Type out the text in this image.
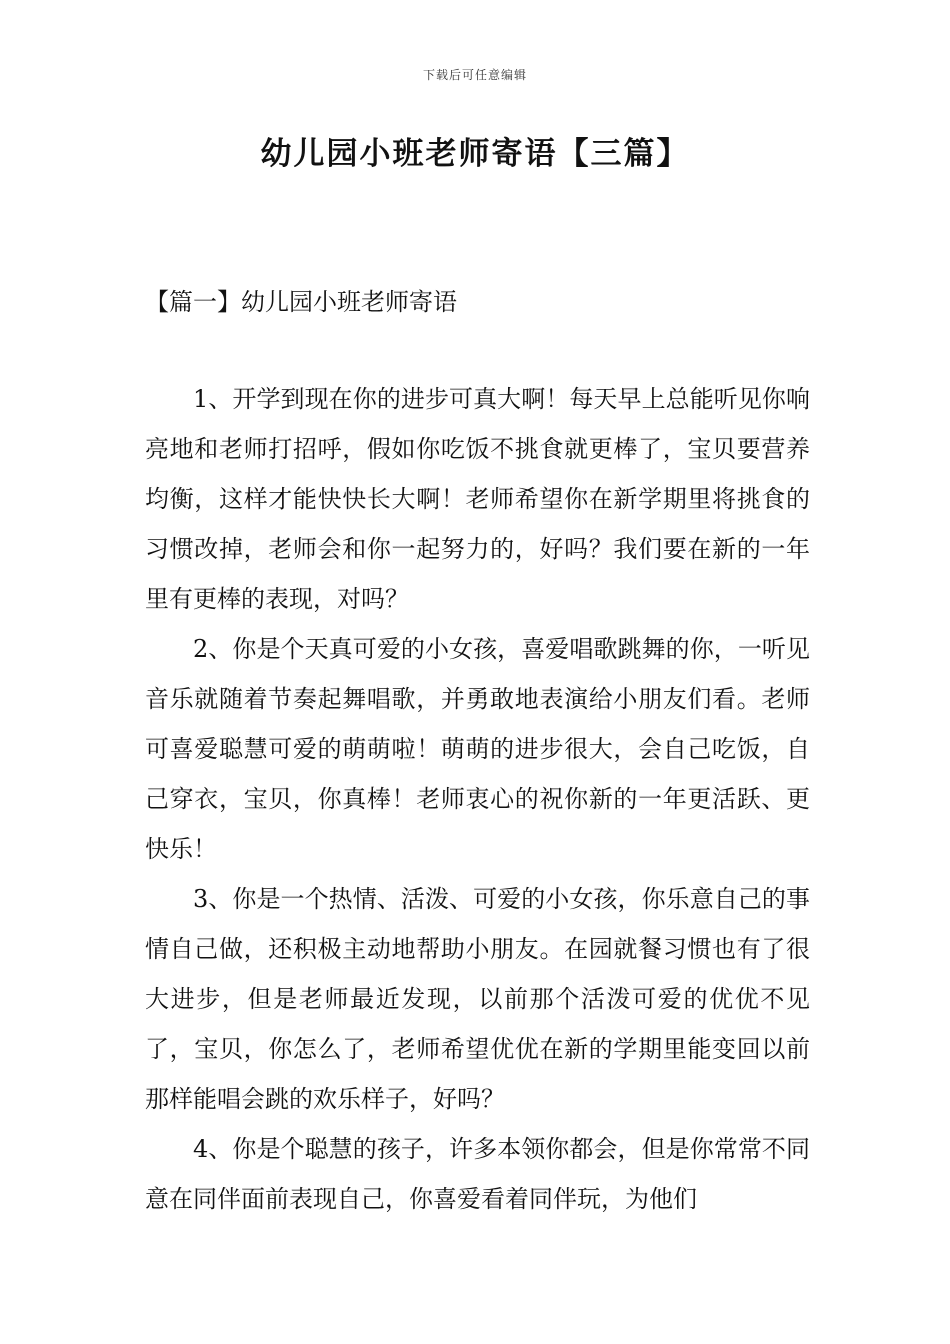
下载后可任意编辑
幼儿园小班老师寄语【三篇】
【篇一】幼儿园小班老师寄语

1、开学到现在你的进步可真大啊！每天早上总能听见你响亮地和老师打招呼，假如你吃饭不挑食就更棒了，宝贝要营养均衡，这样才能快快长大啊！老师希望你在新学期里将挑食的习惯改掉，老师会和你一起努力的，好吗？我们要在新的一年里有更棒的表现，对吗？

2、你是个天真可爱的小女孩，喜爱唱歌跳舞的你，一听见音乐就随着节奏起舞唱歌，并勇敢地表演给小朋友们看。老师可喜爱聪慧可爱的萌萌啦！萌萌的进步很大，会自己吃饭，自己穿衣，宝贝，你真棒！老师衷心的祝你新的一年更活跃、更快乐！

3、你是一个热情、活泼、可爱的小女孩，你乐意自己的事情自己做，还积极主动地帮助小朋友。在园就餐习惯也有了很大进步，但是老师最近发现，以前那个活泼可爱的优优不见了，宝贝，你怎么了，老师希望优优在新的学期里能变回以前那样能唱会跳的欢乐样子，好吗？

4、你是个聪慧的孩子，许多本领你都会，但是你常常不同意在同伴面前表现自己，你喜爱看着同伴玩，为他们
